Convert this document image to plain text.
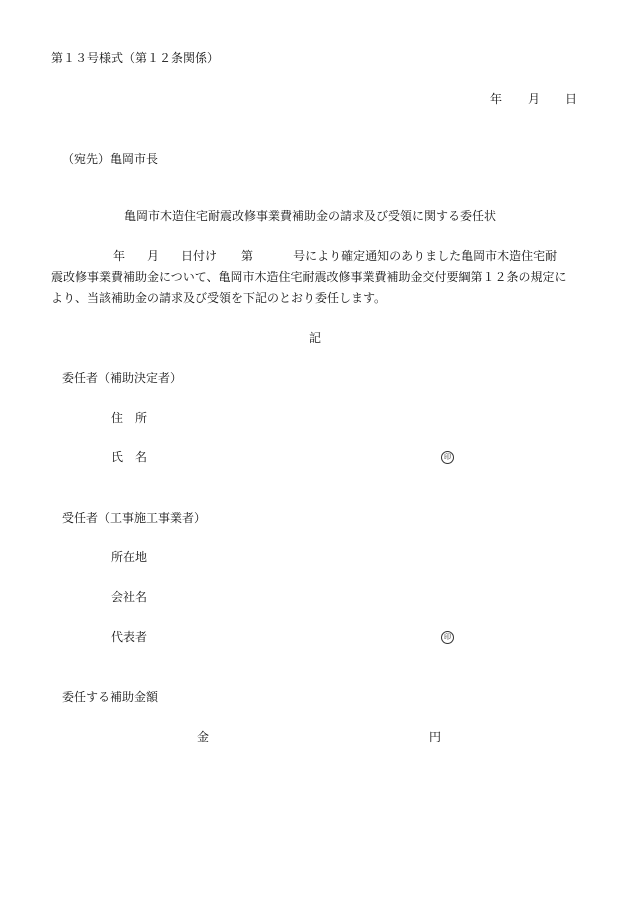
第１３号様式（第１２条関係）
年 月 日
（宛先）亀岡市長
亀岡市木造住宅耐震改修事業費補助金の請求及び受領に関する委任状
年 月 日付け 第	号により確定通知のありました亀岡市木造住宅耐
震改修事業費補助金について、亀岡市木造住宅耐震改修事業費補助金交付要綱第１２条の規定に
より、当該補助金の請求及び受領を下記のとおり委任します。
記
委任者（補助決定者）
住　所
氏　名	印
受任者（工事施工事業者）
所在地
会社名
代表者	印
委任する補助金額
金	円
